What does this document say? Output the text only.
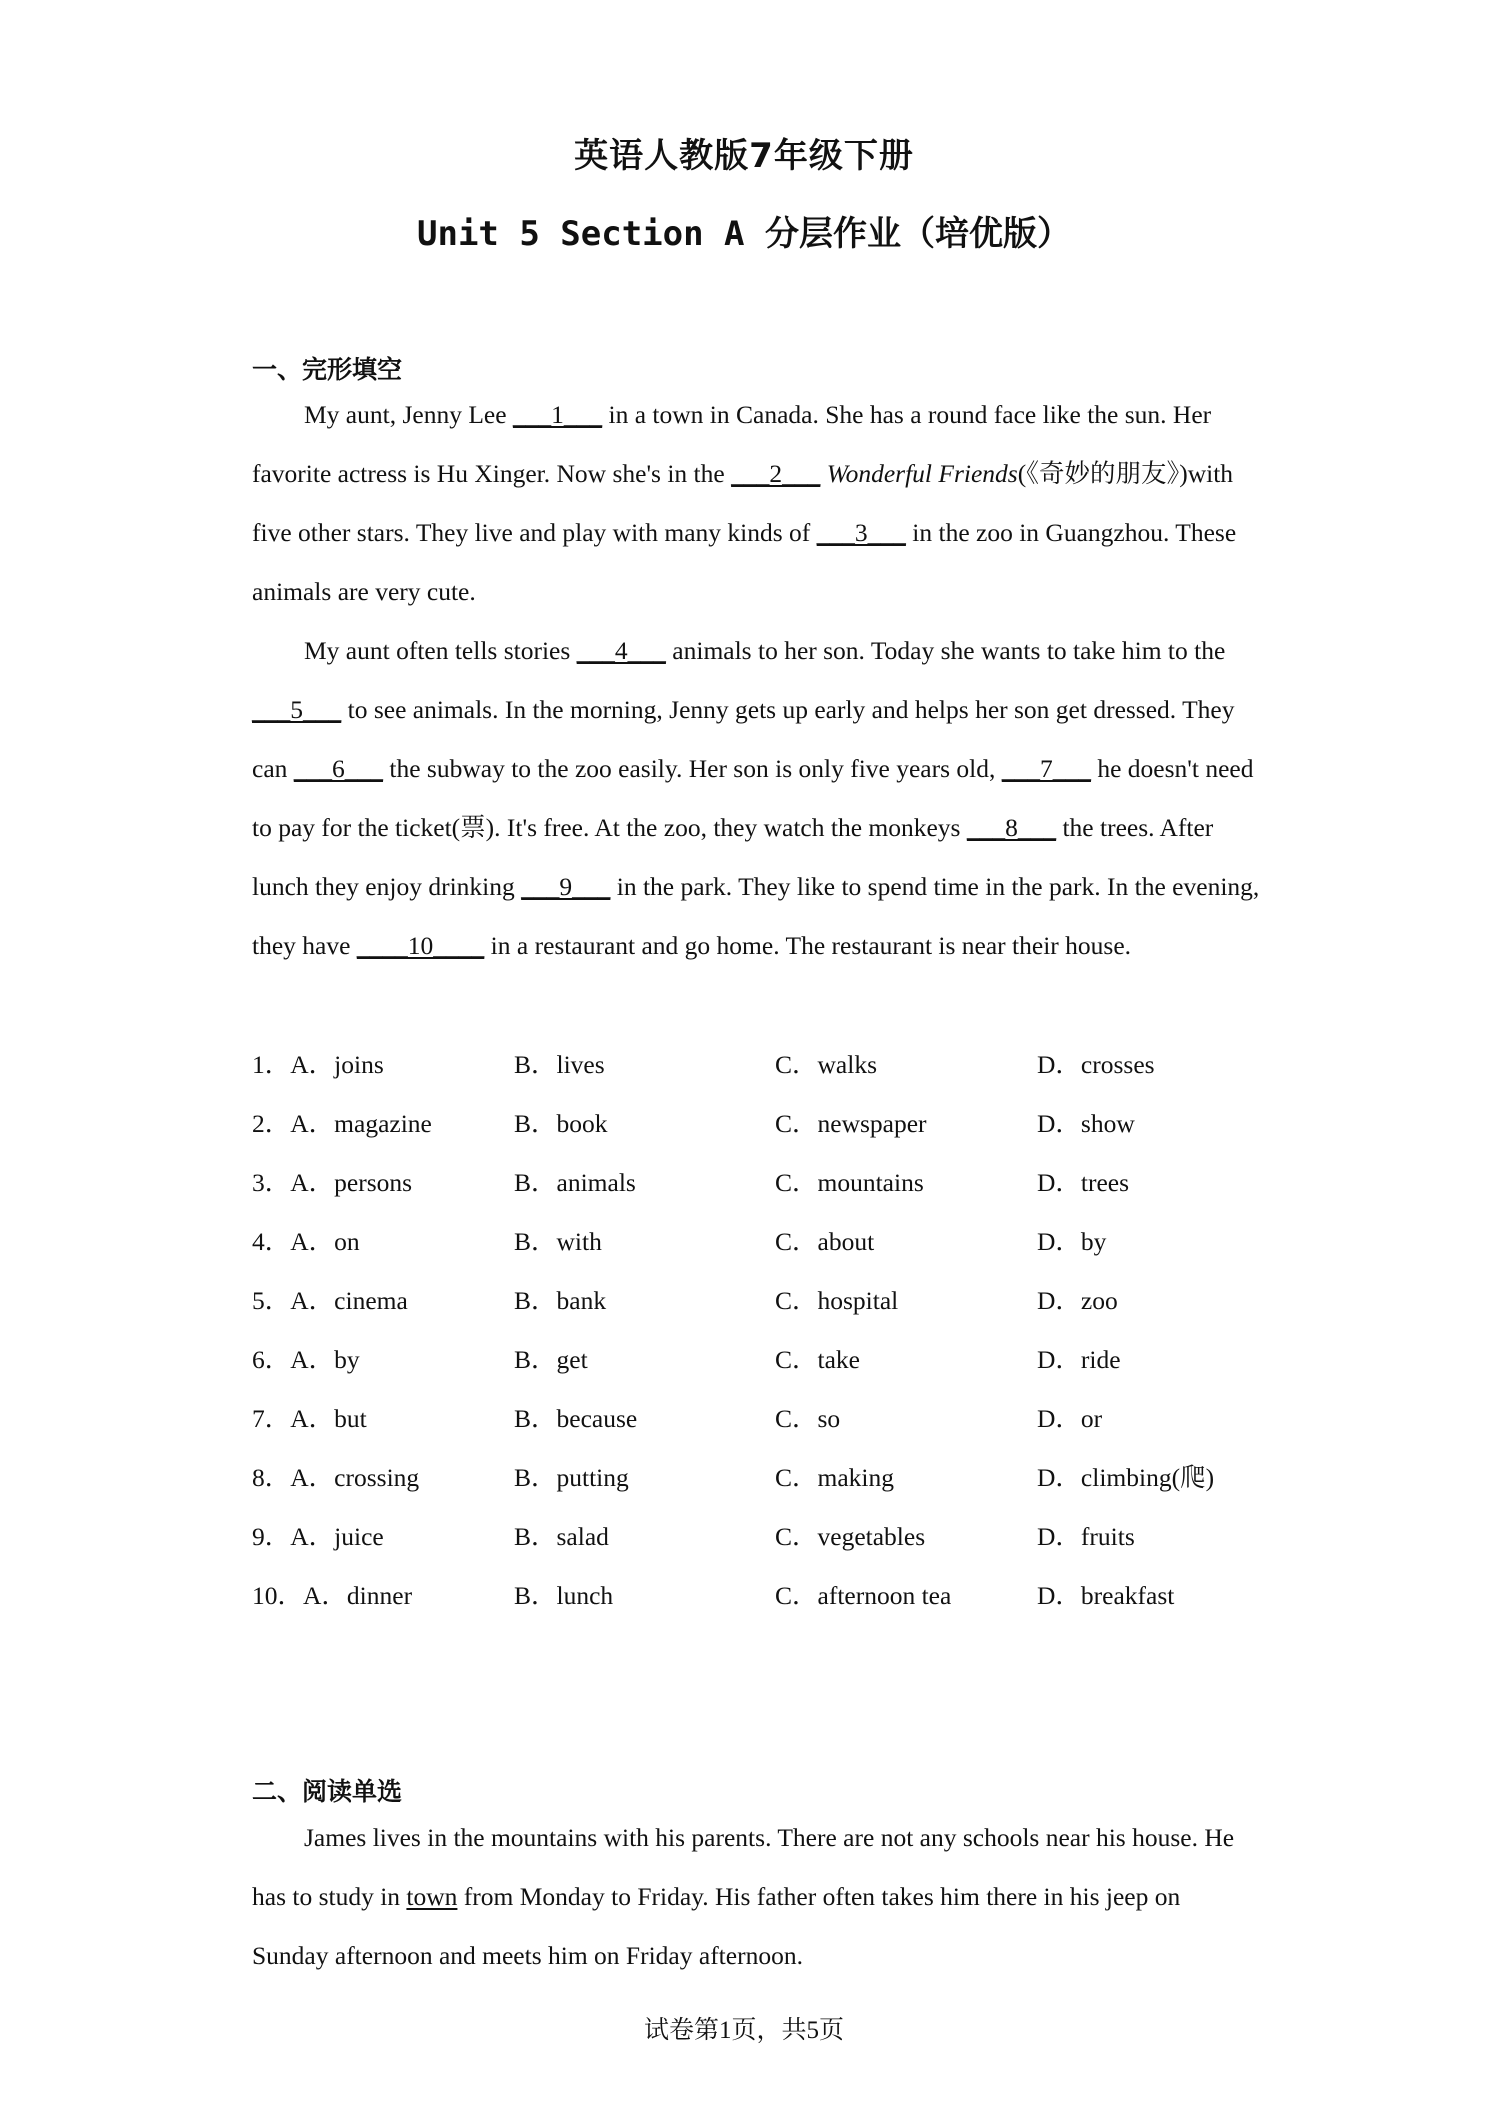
英语人教版7年级下册
Unit 5 Section A 分层作业（培优版）
一、完形填空

My aunt, Jenny Lee ___1___ in a town in Canada. She has a round face like the sun. Her favorite actress is Hu Xinger. Now she's in the ___2___ Wonderful Friends(《奇妙的朋友》)with five other stars. They live and play with many kinds of ___3___ in the zoo in Guangzhou. These animals are very cute.

My aunt often tells stories ___4___ animals to her son. Today she wants to take him to the ___5___ to see animals. In the morning, Jenny gets up early and helps her son get dressed. They can ___6___ the subway to the zoo easily. Her son is only five years old, ___7___ he doesn't need to pay for the ticket(票). It's free. At the zoo, they watch the monkeys ___8___ the trees. After lunch they enjoy drinking ___9___ in the park. They like to spend time in the park. In the evening, they have ____10____ in a restaurant and go home. The restaurant is near their house.

1．A．joins	B．lives	C．walks	D．crosses
2．A．magazine	B．book	C．newspaper	D．show
3．A．persons	B．animals	C．mountains	D．trees
4．A．on	B．with	C．about	D．by
5．A．cinema	B．bank	C．hospital	D．zoo
6．A．by	B．get	C．take	D．ride
7．A．but	B．because	C．so	D．or
8．A．crossing	B．putting	C．making	D．climbing(爬)
9．A．juice	B．salad	C．vegetables	D．fruits
10．A．dinner	B．lunch	C．afternoon tea	D．breakfast
二、阅读单选

James lives in the mountains with his parents. There are not any schools near his house. He has to study in town from Monday to Friday. His father often takes him there in his jeep on Sunday afternoon and meets him on Friday afternoon.

试卷第1页，共5页
